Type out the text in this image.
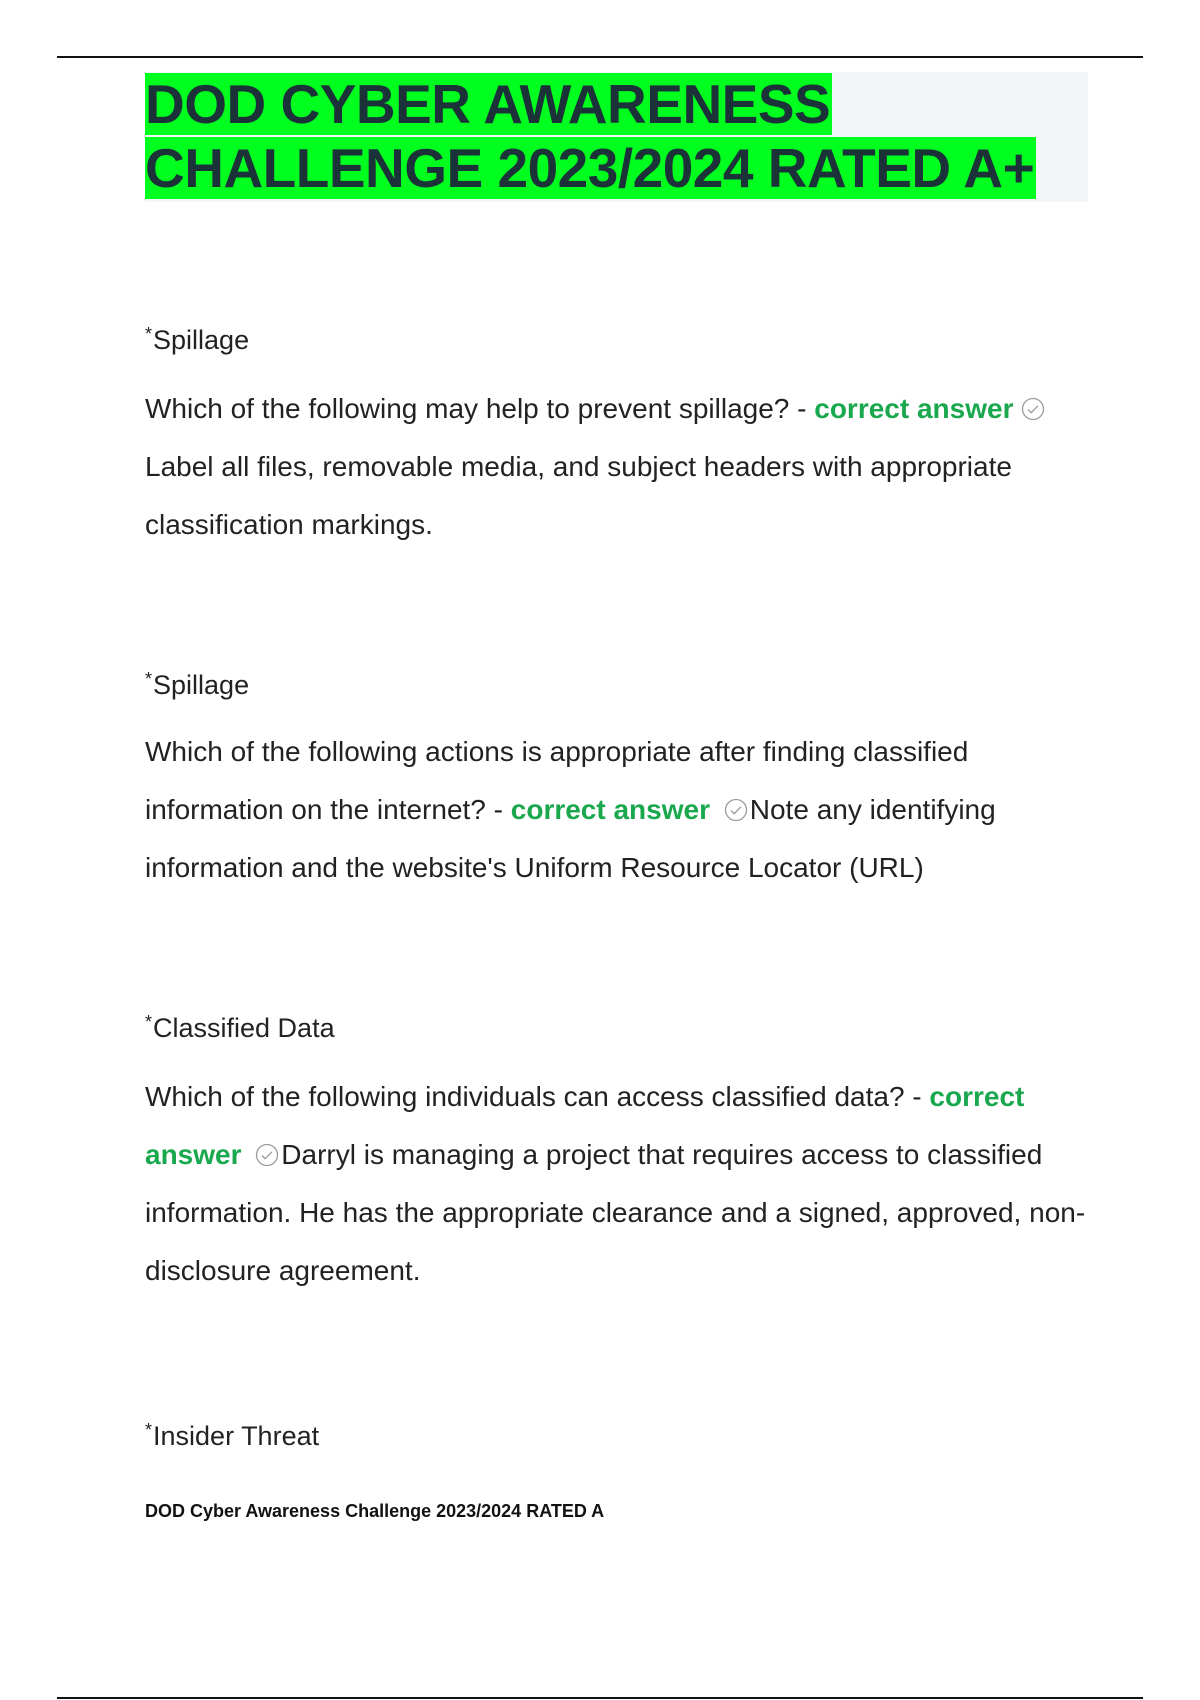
DOD CYBER AWARENESS
CHALLENGE 2023/2024 RATED A+

*Spillage

Which of the following may help to prevent spillage? - correct answer Label all files, removable media, and subject headers with appropriate classification markings.

*Spillage

Which of the following actions is appropriate after finding classified information on the internet? - correct answer Note any identifying information and the website's Uniform Resource Locator (URL)

*Classified Data

Which of the following individuals can access classified data? - correct answer Darryl is managing a project that requires access to classified information. He has the appropriate clearance and a signed, approved, non-disclosure agreement.

*Insider Threat

DOD Cyber Awareness Challenge 2023/2024 RATED A
